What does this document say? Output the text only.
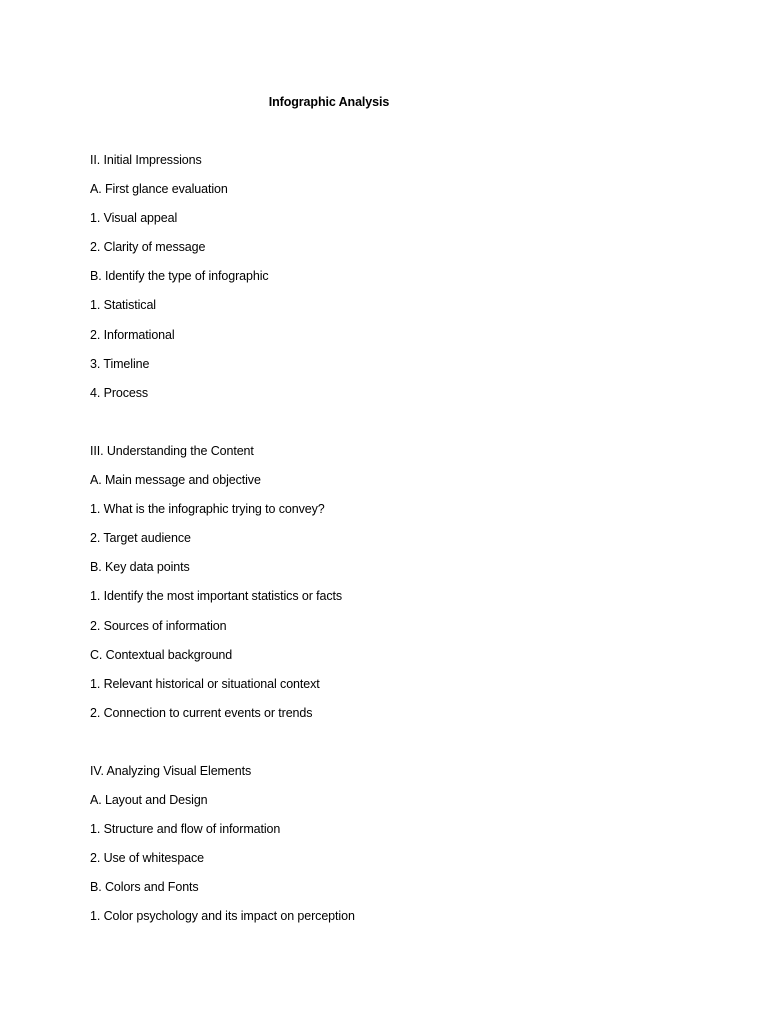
Infographic Analysis
II. Initial Impressions
A. First glance evaluation
1. Visual appeal
2. Clarity of message
B. Identify the type of infographic
1. Statistical
2. Informational
3. Timeline
4. Process
III. Understanding the Content
A. Main message and objective
1. What is the infographic trying to convey?
2. Target audience
B. Key data points
1. Identify the most important statistics or facts
2. Sources of information
C. Contextual background
1. Relevant historical or situational context
2. Connection to current events or trends
IV. Analyzing Visual Elements
A. Layout and Design
1. Structure and flow of information
2. Use of whitespace
B. Colors and Fonts
1. Color psychology and its impact on perception
